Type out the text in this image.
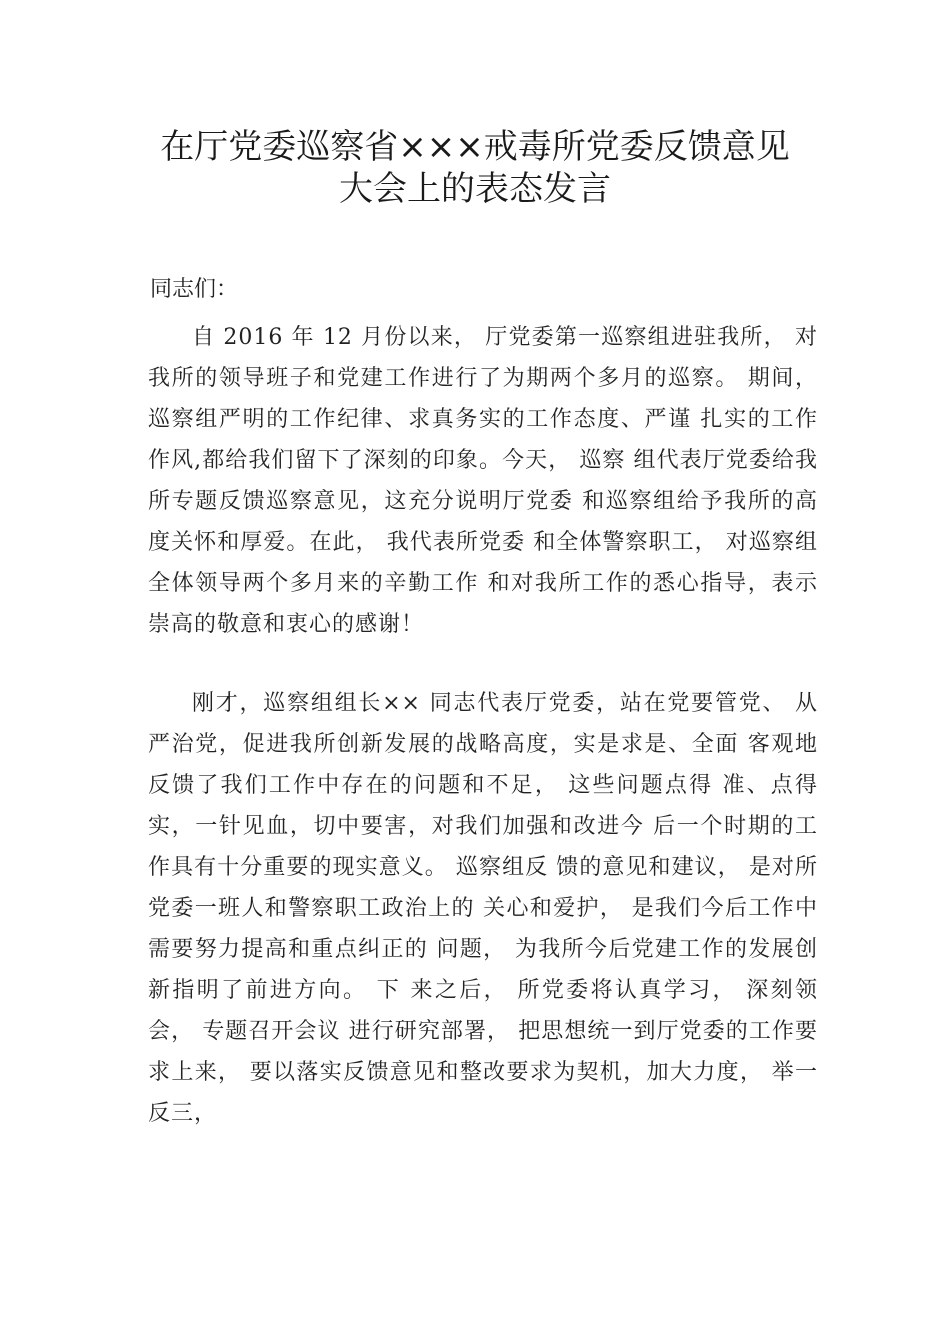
在厅党委巡察省×××戒毒所党委反馈意见
大会上的表态发言

同志们：

自 2016 年 12 月份以来， 厅党委第一巡察组进驻我所， 对我所的领导班子和党建工作进行了为期两个多月的巡察。 期间， 巡察组严明的工作纪律、求真务实的工作态度、严谨 扎实的工作作风,都给我们留下了深刻的印象。今天， 巡察 组代表厅党委给我所专题反馈巡察意见，这充分说明厅党委 和巡察组给予我所的高度关怀和厚爱。在此， 我代表所党委 和全体警察职工， 对巡察组全体领导两个多月来的辛勤工作 和对我所工作的悉心指导，表示崇高的敬意和衷心的感谢！

刚才，巡察组组长×× 同志代表厅党委，站在党要管党、 从严治党，促进我所创新发展的战略高度，实是求是、全面 客观地反馈了我们工作中存在的问题和不足， 这些问题点得 准、点得实，一针见血，切中要害，对我们加强和改进今 后一个时期的工作具有十分重要的现实意义。 巡察组反 馈的意见和建议， 是对所党委一班人和警察职工政治上的 关心和爱护， 是我们今后工作中需要努力提高和重点纠正的 问题， 为我所今后党建工作的发展创新指明了前进方向。 下 来之后， 所党委将认真学习， 深刻领会， 专题召开会议 进行研究部署， 把思想统一到厅党委的工作要求上来， 要以落实反馈意见和整改要求为契机，加大力度， 举一反三，
